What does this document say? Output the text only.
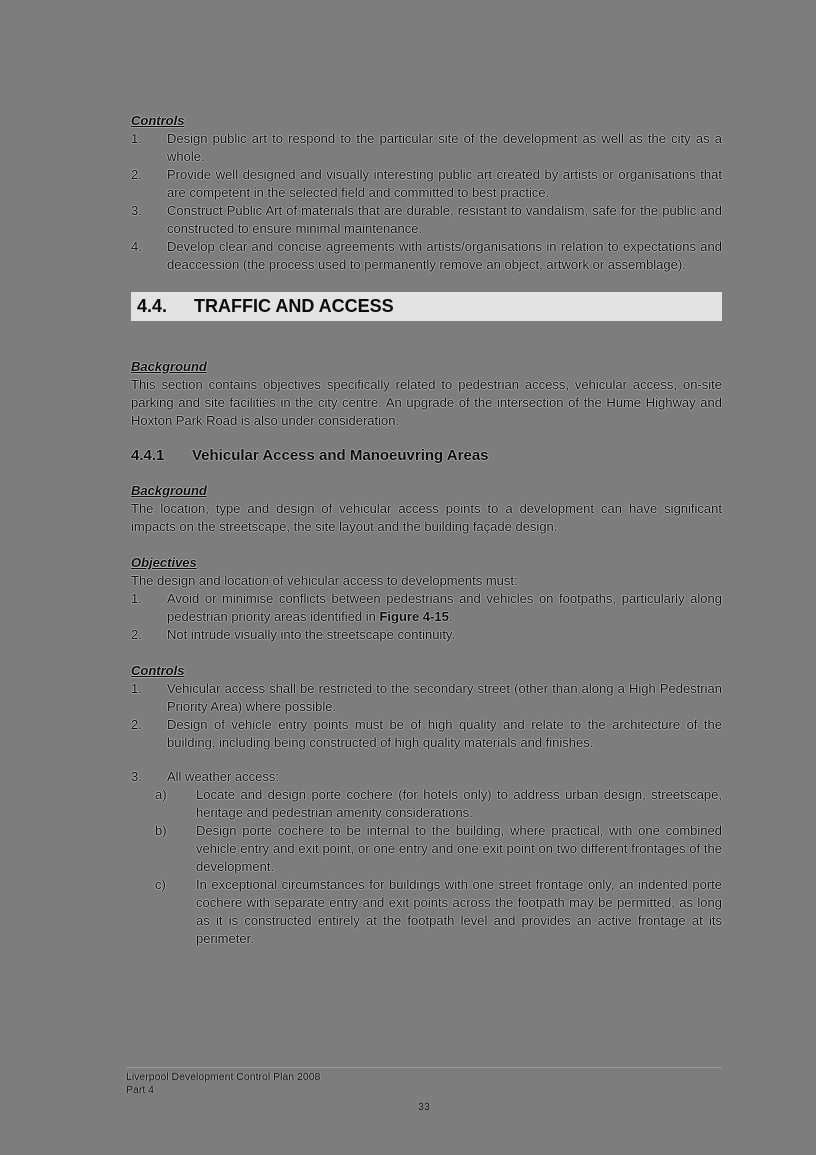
Controls
1.	Design public art to respond to the particular site of the development as well as the city as a whole.
2.	Provide well designed and visually interesting public art created by artists or organisations that are competent in the selected field and committed to best practice.
3.	Construct Public Art of materials that are durable, resistant to vandalism, safe for the public and constructed to ensure minimal maintenance.
4.	Develop clear and concise agreements with artists/organisations in relation to expectations and deaccession (the process used to permanently remove an object, artwork or assemblage).
4.4.	TRAFFIC AND ACCESS
Background
This section contains objectives specifically related to pedestrian access, vehicular access, on-site parking and site facilities in the city centre. An upgrade of the intersection of the Hume Highway and Hoxton Park Road is also under consideration.
4.4.1	Vehicular Access and Manoeuvring Areas
Background
The location, type and design of vehicular access points to a development can have significant impacts on the streetscape, the site layout and the building façade design.
Objectives
The design and location of vehicular access to developments must:
1.	Avoid or minimise conflicts between pedestrians and vehicles on footpaths, particularly along pedestrian priority areas identified in Figure 4-15.
2.	Not intrude visually into the streetscape continuity.
Controls
1.	Vehicular access shall be restricted to the secondary street (other than along a High Pedestrian Priority Area) where possible.
2.	Design of vehicle entry points must be of high quality and relate to the architecture of the building, including being constructed of high quality materials and finishes.
3.	All weather access:
a)	Locate and design porte cochere (for hotels only) to address urban design, streetscape, heritage and pedestrian amenity considerations.
b)	Design porte cochere to be internal to the building, where practical, with one combined vehicle entry and exit point, or one entry and one exit point on two different frontages of the development.
c)	In exceptional circumstances for buildings with one street frontage only, an indented porte cochere with separate entry and exit points across the footpath may be permitted, as long as it is constructed entirely at the footpath level and provides an active frontage at its perimeter.
Liverpool Development Control Plan 2008
Part 4
33
